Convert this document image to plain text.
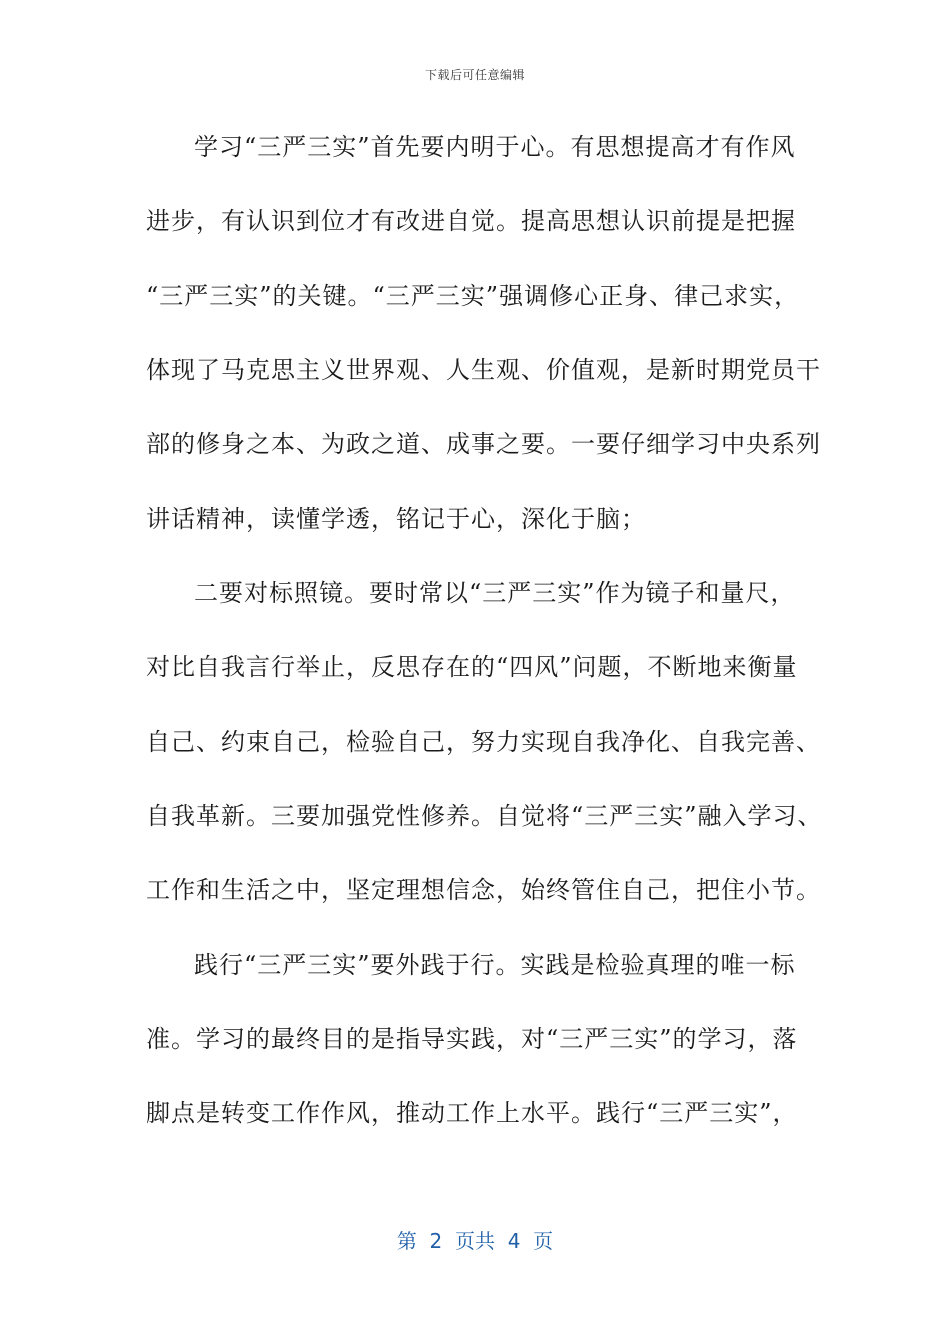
下载后可任意编辑
学习“三严三实”首先要内明于心。有思想提高才有作风
进步，有认识到位才有改进自觉。提高思想认识前提是把握
“三严三实”的关键。“三严三实”强调修心正身、律己求实，
体现了马克思主义世界观、人生观、价值观，是新时期党员干
部的修身之本、为政之道、成事之要。一要仔细学习中央系列
讲话精神，读懂学透，铭记于心，深化于脑；
二要对标照镜。要时常以“三严三实”作为镜子和量尺，
对比自我言行举止，反思存在的“四风”问题，不断地来衡量
自己、约束自己，检验自己，努力实现自我净化、自我完善、
自我革新。三要加强党性修养。自觉将“三严三实”融入学习、
工作和生活之中，坚定理想信念，始终管住自己，把住小节。
践行“三严三实”要外践于行。实践是检验真理的唯一标
准。学习的最终目的是指导实践，对“三严三实”的学习，落
脚点是转变工作作风，推动工作上水平。践行“三严三实”，
第  2  页共  4  页
